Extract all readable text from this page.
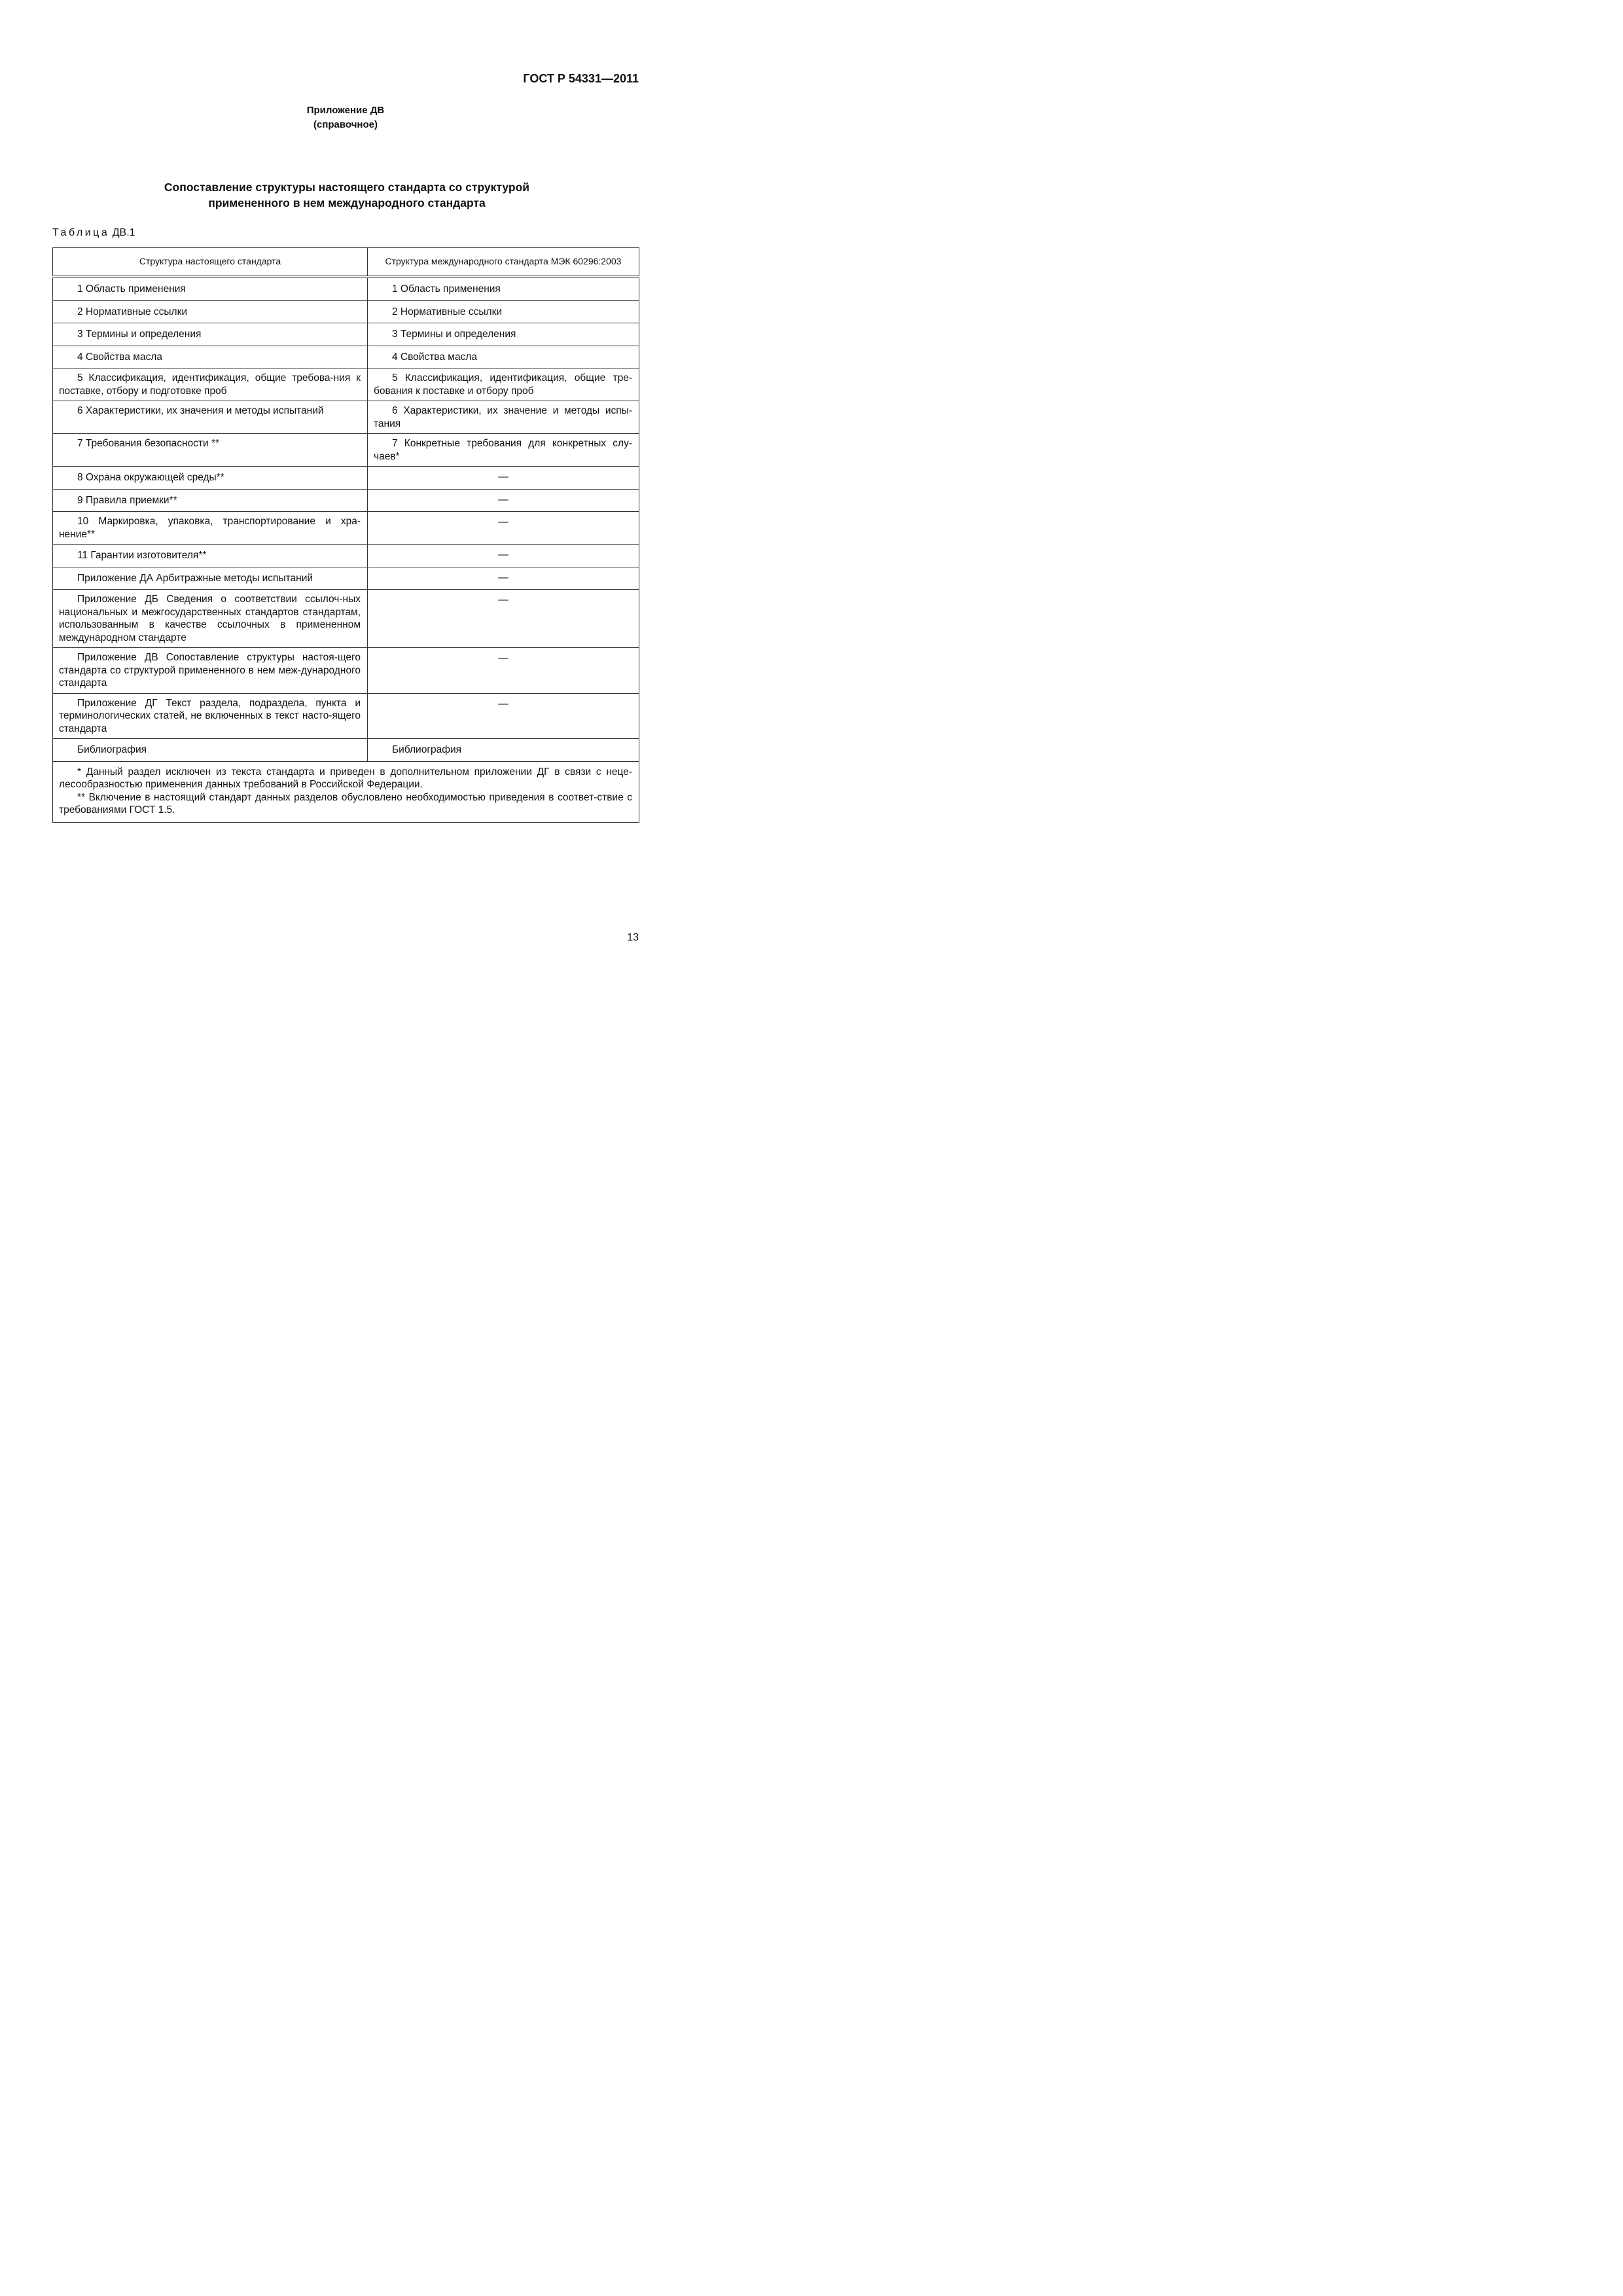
ГОСТ Р 54331—2011
Приложение ДВ
(справочное)
Сопоставление структуры настоящего стандарта со структурой
примененного в нем международного стандарта
Таблица ДВ.1
Структура настоящего стандарта	Структура международного стандарта МЭК 60296:2003
1 Область применения	1 Область применения
2 Нормативные ссылки	2 Нормативные ссылки
3 Термины и определения	3 Термины и определения
4 Свойства масла	4 Свойства масла
5 Классификация, идентификация, общие требова-ния к поставке, отбору и подготовке проб	5 Классификация, идентификация, общие тре-бования к поставке и отбору проб
6 Характеристики, их значения и методы испытаний	6 Характеристики, их значение и методы испы-тания
7 Требования безопасности **	7 Конкретные требования для конкретных слу-чаев*
8 Охрана окружающей среды**	—
9 Правила приемки**	—
10 Маркировка, упаковка, транспортирование и хра-нение**	—
11 Гарантии изготовителя**	—
Приложение ДА Арбитражные методы испытаний	—
Приложение ДБ Сведения о соответствии ссылоч-ных национальных и межгосударственных стандартов стандартам, использованным в качестве ссылочных в примененном международном стандарте	—
Приложение ДВ Сопоставление структуры настоя-щего стандарта со структурой примененного в нем меж-дународного стандарта	—
Приложение ДГ Текст раздела, подраздела, пункта и терминологических статей, не включенных в текст насто-ящего стандарта	—
Библиография	Библиография

* Данный раздел исключен из текста стандарта и приведен в дополнительном приложении ДГ в связи с неце-лесообразностью применения данных требований в Российской Федерации.

** Включение в настоящий стандарт данных разделов обусловлено необходимостью приведения в соответ-ствие с требованиями ГОСТ 1.5.	

13
